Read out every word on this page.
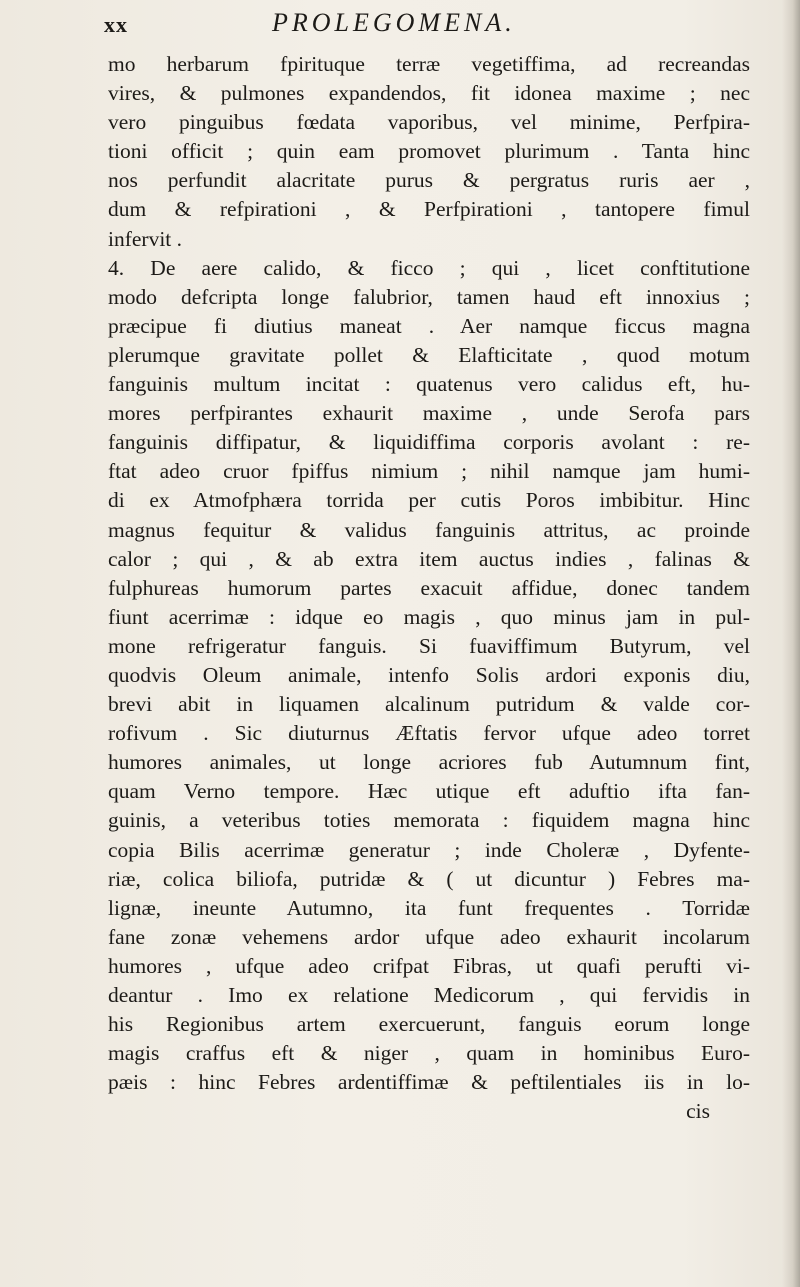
xx	PROLEGOMENA.
mo herbarum fpirituque terræ vegetiffima, ad recreandas
vires, & pulmones expandendos, fit idonea maxime ; nec
vero pinguibus fœdata vaporibus, vel minime, Perfpira-
tioni officit ; quin eam promovet plurimum . Tanta hinc
nos perfundit alacritate purus & pergratus ruris aer ,
dum & refpirationi , & Perfpirationi , tantopere fimul
infervit .
4. De aere calido, & ficco ; qui , licet conftitutione
modo defcripta longe falubrior, tamen haud eft innoxius ;
præcipue fi diutius maneat . Aer namque ficcus magna
plerumque gravitate pollet & Elafticitate , quod motum
fanguinis multum incitat : quatenus vero calidus eft, hu-
mores perfpirantes exhaurit maxime , unde Serofa pars
fanguinis diffipatur, & liquidiffima corporis avolant : re-
ftat adeo cruor fpiffus nimium ; nihil namque jam humi-
di ex Atmofphæra torrida per cutis Poros imbibitur. Hinc
magnus fequitur & validus fanguinis attritus, ac proinde
calor ; qui , & ab extra item auctus indies , falinas &
fulphureas humorum partes exacuit affidue, donec tandem
fiunt acerrimæ : idque eo magis , quo minus jam in pul-
mone refrigeratur fanguis. Si fuaviffimum Butyrum, vel
quodvis Oleum animale, intenfo Solis ardori exponis diu,
brevi abit in liquamen alcalinum putridum & valde cor-
rofivum . Sic diuturnus Æftatis fervor ufque adeo torret
humores animales, ut longe acriores fub Autumnum fint,
quam Verno tempore. Hæc utique eft aduftio ifta fan-
guinis, a veteribus toties memorata : fiquidem magna hinc
copia Bilis acerrimæ generatur ; inde Choleræ , Dyfente-
riæ, colica biliofa, putridæ & ( ut dicuntur ) Febres ma-
lignæ, ineunte Autumno, ita funt frequentes . Torridæ
fane zonæ vehemens ardor ufque adeo exhaurit incolarum
humores , ufque adeo crifpat Fibras, ut quafi perufti vi-
deantur . Imo ex relatione Medicorum , qui fervidis in
his Regionibus artem exercuerunt, fanguis eorum longe
magis craffus eft & niger , quam in hominibus Euro-
pæis : hinc Febres ardentiffimæ & peftilentiales iis in lo-
cis
